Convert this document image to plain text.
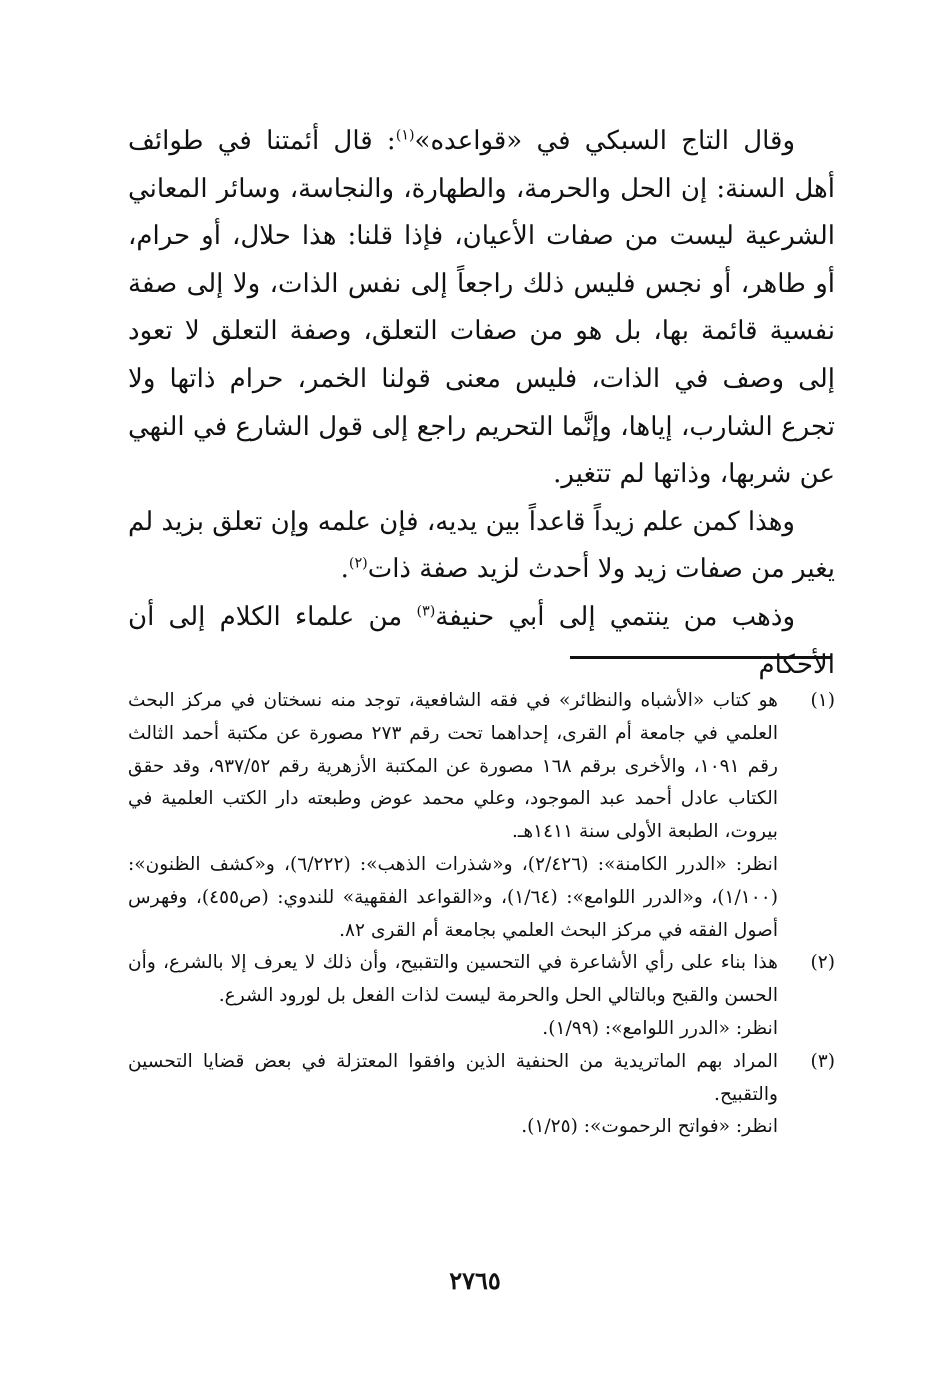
وقال التاج السبكي في «قواعده»$^{(١)}$: قال أئمتنا في طوائف أهل السنة: إن الحل والحرمة، والطهارة، والنجاسة، وسائر المعاني الشرعية ليست من صفات الأعيان، فإذا قلنا: هذا حلال، أو حرام، أو طاهر، أو نجس فليس ذلك راجعاً إلى نفس الذات، ولا إلى صفة نفسية قائمة بها، بل هو من صفات التعلق، وصفة التعلق لا تعود إلى وصف في الذات، فليس معنى قولنا الخمر، حرام ذاتها ولا تجرع الشارب، إياها، وإنَّما التحريم راجع إلى قول الشارع في النهي عن شربها، وذاتها لم تتغير.

وهذا كمن علم زيداً قاعداً بين يديه، فإن علمه وإن تعلق بزيد لم يغير من صفات زيد ولا أحدث لزيد صفة ذات$^{(٢)}$.

وذهب من ينتمي إلى أبي حنيفة$^{(٣)}$ من علماء الكلام إلى أن الأحكام

(١)

هو كتاب «الأشباه والنظائر» في فقه الشافعية، توجد منه نسختان في مركز البحث العلمي في جامعة أم القرى، إحداهما تحت رقم ٢٧٣ مصورة عن مكتبة أحمد الثالث رقم ١٠٩١، والأخرى برقم ١٦٨ مصورة عن المكتبة الأزهرية رقم ٩٣٧/٥٢، وقد حقق الكتاب عادل أحمد عبد الموجود، وعلي محمد عوض وطبعته دار الكتب العلمية في بيروت، الطبعة الأولى سنة ١٤١١هـ.

انظر: «الدرر الكامنة»: (٢/٤٢٦)، و«شذرات الذهب»: (٦/٢٢٢)، و«كشف الظنون»: (١/١٠٠)، و«الدرر اللوامع»: (١/٦٤)، و«القواعد الفقهية» للندوي: (ص٤٥٥)، وفهرس أصول الفقه في مركز البحث العلمي بجامعة أم القرى ٨٢.

(٢)

هذا بناء على رأي الأشاعرة في التحسين والتقبيح، وأن ذلك لا يعرف إلا بالشرع، وأن الحسن والقبح وبالتالي الحل والحرمة ليست لذات الفعل بل لورود الشرع.

انظر: «الدرر اللوامع»: (١/٩٩).

(٣)

المراد بهم الماتريدية من الحنفية الذين وافقوا المعتزلة في بعض قضايا التحسين والتقبيح.

انظر: «فواتح الرحموت»: (١/٢٥).

٢٧٦٥
